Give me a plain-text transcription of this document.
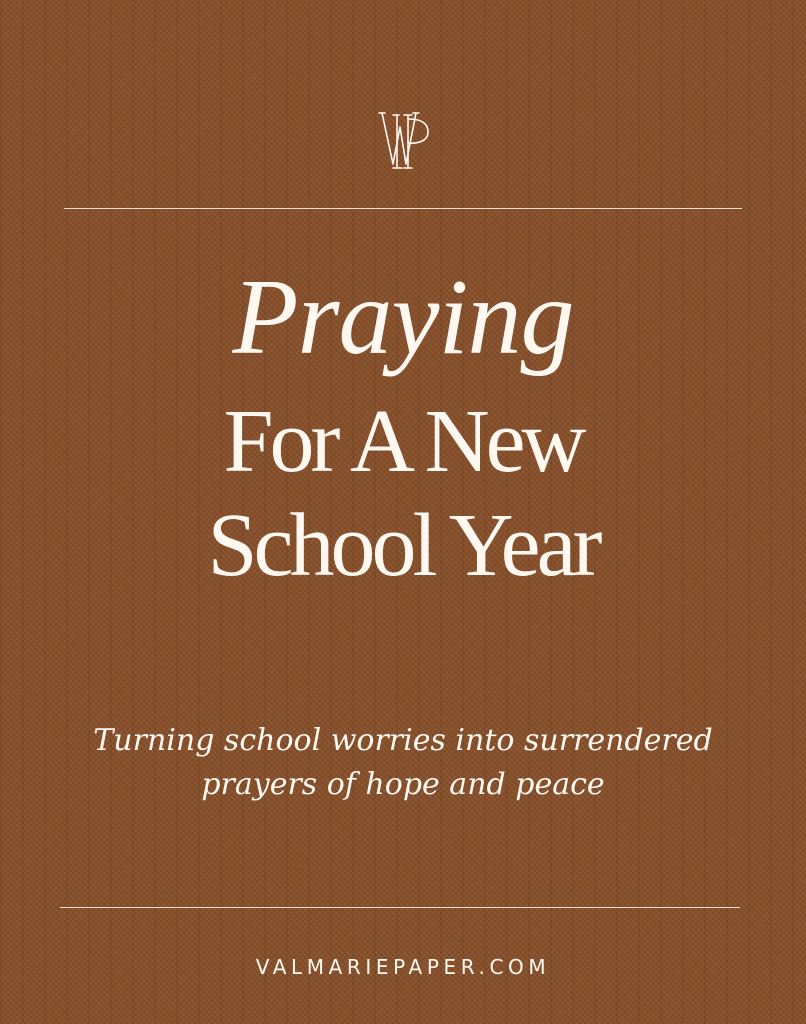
Praying
For A New
School Year
Turning school worries into surrendered
prayers of hope and peace
VALMARIEPAPER.COM
